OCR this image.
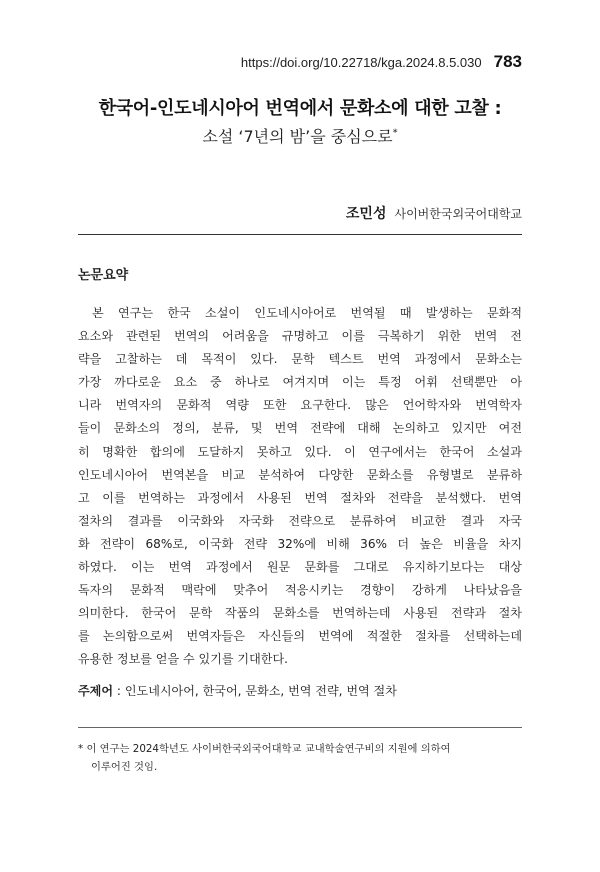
https://doi.org/10.22718/kga.2024.8.5.030 783
한국어-인도네시아어 번역에서 문화소에 대한 고찰 :
소설 ‘7년의 밤’을 중심으로*
조민성 사이버한국외국어대학교
논문요약
본 연구는 한국 소설이 인도네시아어로 번역될 때 발생하는 문화적
요소와 관련된 번역의 어려움을 규명하고 이를 극복하기 위한 번역 전
략을 고찰하는 데 목적이 있다. 문학 텍스트 번역 과정에서 문화소는
가장 까다로운 요소 중 하나로 여겨지며 이는 특정 어휘 선택뿐만 아
니라 번역자의 문화적 역량 또한 요구한다. 많은 언어학자와 번역학자
들이 문화소의 정의, 분류, 및 번역 전략에 대해 논의하고 있지만 여전
히 명확한 합의에 도달하지 못하고 있다. 이 연구에서는 한국어 소설과
인도네시아어 번역본을 비교 분석하여 다양한 문화소를 유형별로 분류하
고 이를 번역하는 과정에서 사용된 번역 절차와 전략을 분석했다. 번역
절차의 결과를 이국화와 자국화 전략으로 분류하여 비교한 결과 자국
화 전략이 68%로, 이국화 전략 32%에 비해 36% 더 높은 비율을 차지
하였다. 이는 번역 과정에서 원문 문화를 그대로 유지하기보다는 대상
독자의 문화적 맥락에 맞추어 적응시키는 경향이 강하게 나타났음을
의미한다. 한국어 문학 작품의 문화소를 번역하는데 사용된 전략과 절차
를 논의함으로써 번역자들은 자신들의 번역에 적절한 절차를 선택하는데
유용한 정보를 얻을 수 있기를 기대한다.
주제어 : 인도네시아어, 한국어, 문화소, 번역 전략, 번역 절차
* 이 연구는 2024학년도 사이버한국외국어대학교 교내학술연구비의 지원에 의하여
이루어진 것임.
